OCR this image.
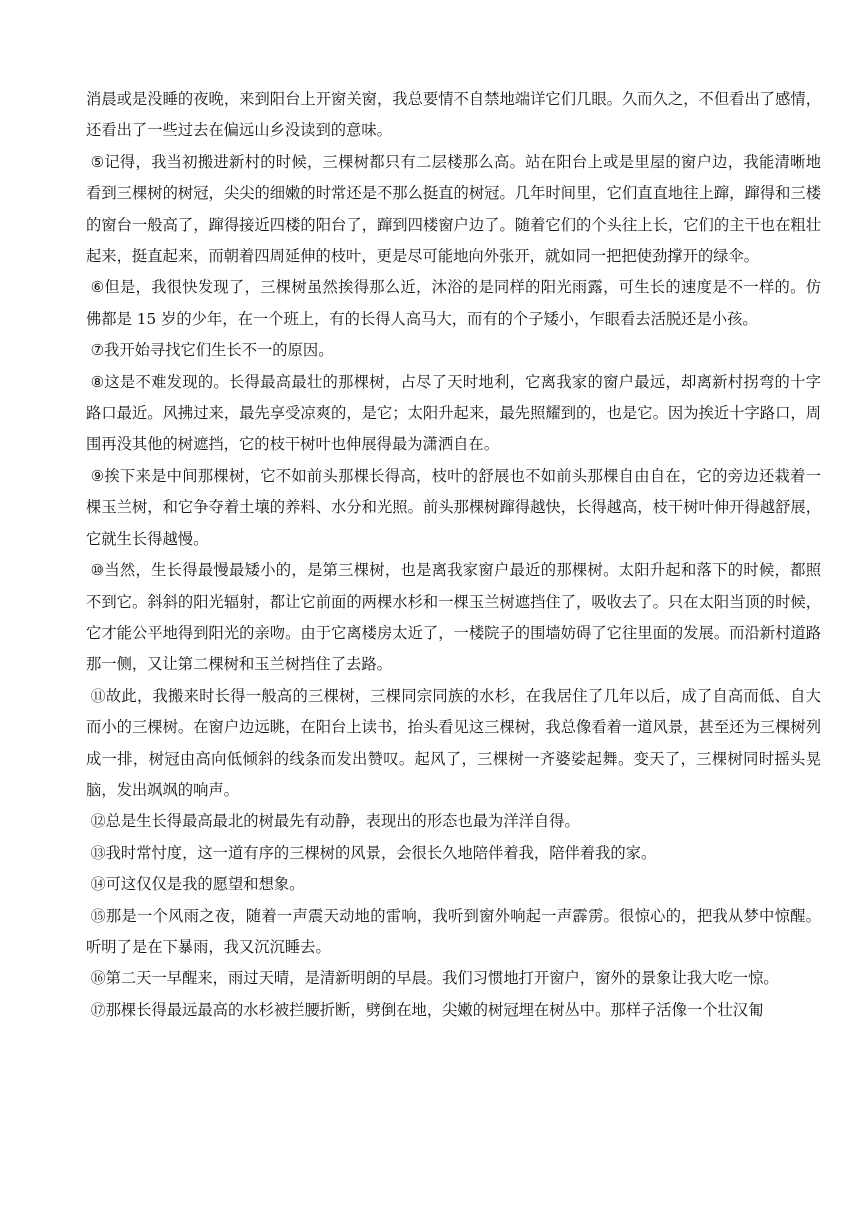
消晨或是没睡的夜晚，来到阳台上开窗关窗，我总要情不自禁地端详它们几眼。久而久之，不但看出了感情，还看出了一些过去在偏远山乡没读到的意味。

⑤记得，我当初搬进新村的时候，三棵树都只有二层楼那么高。站在阳台上或是里屋的窗户边，我能清晰地看到三棵树的树冠，尖尖的细嫩的时常还是不那么挺直的树冠。几年时间里，它们直直地往上蹿，蹿得和三楼的窗台一般高了，蹿得接近四楼的阳台了，蹿到四楼窗户边了。随着它们的个头往上长，它们的主干也在粗壮起来，挺直起来，而朝着四周延伸的枝叶，更是尽可能地向外张开，就如同一把把使劲撑开的绿伞。

⑥但是，我很快发现了，三棵树虽然挨得那么近，沐浴的是同样的阳光雨露，可生长的速度是不一样的。仿佛都是 15 岁的少年，在一个班上，有的长得人高马大，而有的个子矮小，乍眼看去活脱还是小孩。

⑦我开始寻找它们生长不一的原因。

⑧这是不难发现的。长得最高最壮的那棵树，占尽了天时地利，它离我家的窗户最远，却离新村拐弯的十字路口最近。风拂过来，最先享受凉爽的，是它；太阳升起来，最先照耀到的，也是它。因为挨近十字路口，周围再没其他的树遮挡，它的枝干树叶也伸展得最为潇洒自在。

⑨挨下来是中间那棵树，它不如前头那棵长得高，枝叶的舒展也不如前头那棵自由自在，它的旁边还栽着一棵玉兰树，和它争夺着土壤的养料、水分和光照。前头那棵树蹿得越快，长得越高，枝干树叶伸开得越舒展，它就生长得越慢。

⑩当然，生长得最慢最矮小的，是第三棵树，也是离我家窗户最近的那棵树。太阳升起和落下的时候，都照不到它。斜斜的阳光辐射，都让它前面的两棵水杉和一棵玉兰树遮挡住了，吸收去了。只在太阳当顶的时候，它才能公平地得到阳光的亲吻。由于它离楼房太近了，一楼院子的围墙妨碍了它往里面的发展。而沿新村道路那一侧，又让第二棵树和玉兰树挡住了去路。

⑪故此，我搬来时长得一般高的三棵树，三棵同宗同族的水杉，在我居住了几年以后，成了自高而低、自大而小的三棵树。在窗户边远眺，在阳台上读书，抬头看见这三棵树，我总像看着一道风景，甚至还为三棵树列成一排，树冠由高向低倾斜的线条而发出赞叹。起风了，三棵树一齐婆娑起舞。变天了，三棵树同时摇头晃脑，发出飒飒的响声。

⑫总是生长得最高最北的树最先有动静，表现出的形态也最为洋洋自得。

⑬我时常忖度，这一道有序的三棵树的风景，会很长久地陪伴着我，陪伴着我的家。

⑭可这仅仅是我的愿望和想象。

⑮那是一个风雨之夜，随着一声震天动地的雷响，我听到窗外响起一声霹雳。很惊心的，把我从梦中惊醒。听明了是在下暴雨，我又沉沉睡去。

⑯第二天一早醒来，雨过天晴，是清新明朗的早晨。我们习惯地打开窗户，窗外的景象让我大吃一惊。

⑰那棵长得最远最高的水杉被拦腰折断，劈倒在地，尖嫩的树冠埋在树丛中。那样子活像一个壮汉匍
